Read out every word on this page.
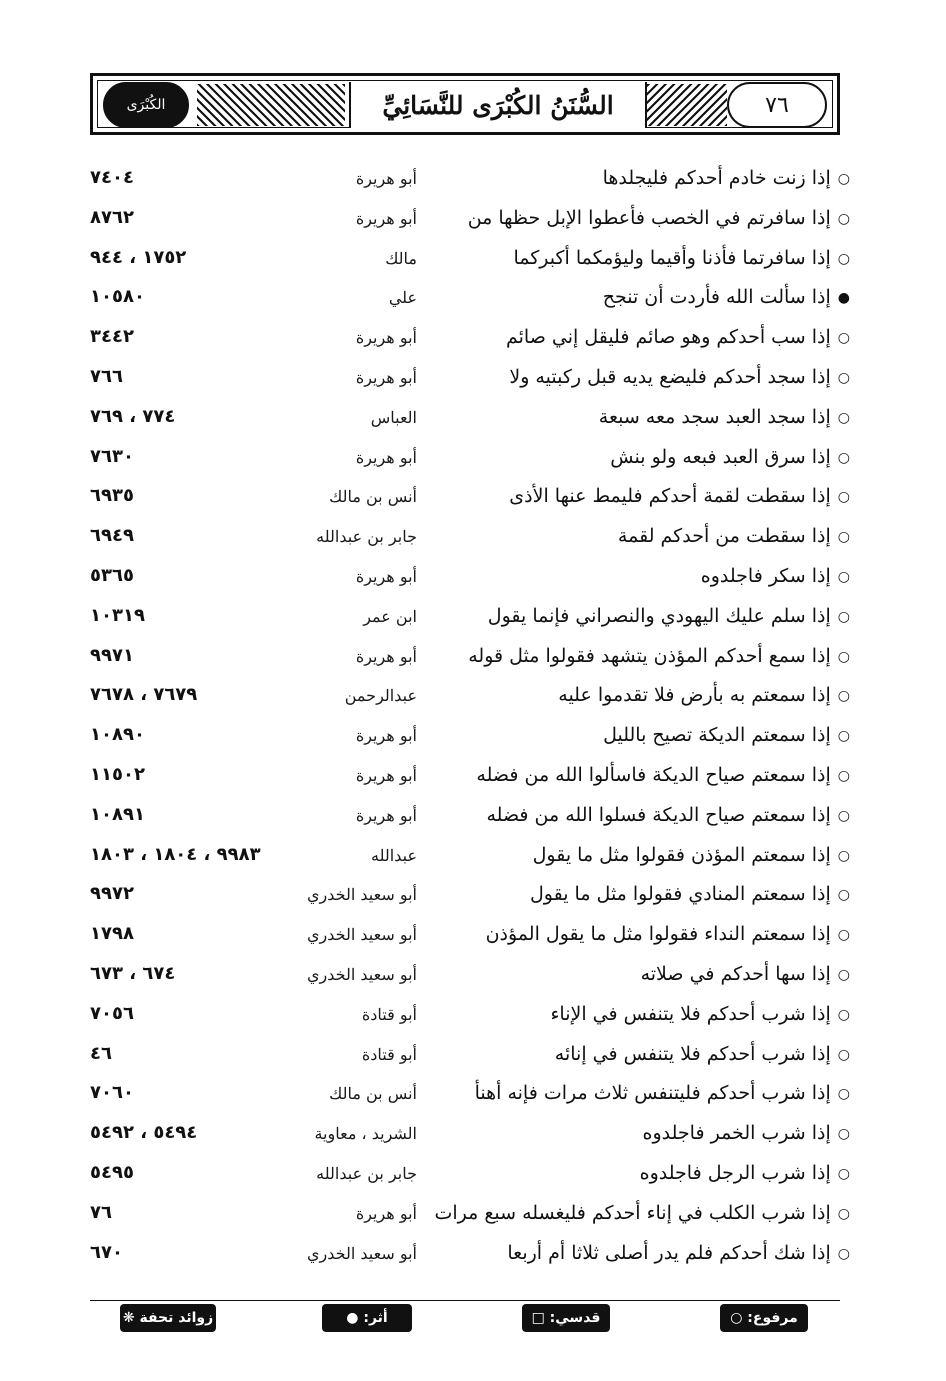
الكُبْرَى	السُّنَنُ الكُبْرَى للنَّسَائِيِّ	٧٦
○إذا زنت خادم أحدكم فليجلدها
أبو هريرة
٧٤٠٤
○إذا سافرتم في الخصب فأعطوا الإبل حظها من
أبو هريرة
٨٧٦٢
○إذا سافرتما فأذنا وأقيما وليؤمكما أكبركما
مالك
١٧٥٢ ، ٩٤٤
●إذا سألت الله فأردت أن تنجح
علي
١٠٥٨٠
○إذا سب أحدكم وهو صائم فليقل إني صائم
أبو هريرة
٣٤٤٢
○إذا سجد أحدكم فليضع يديه قبل ركبتيه ولا
أبو هريرة
٧٦٦
○إذا سجد العبد سجد معه سبعة
العباس
٧٧٤ ، ٧٦٩
○إذا سرق العبد فبعه ولو بنش
أبو هريرة
٧٦٣٠
○إذا سقطت لقمة أحدكم فليمط عنها الأذى
أنس بن مالك
٦٩٣٥
○إذا سقطت من أحدكم لقمة
جابر بن عبدالله
٦٩٤٩
○إذا سكر فاجلدوه
أبو هريرة
٥٣٦٥
○إذا سلم عليك اليهودي والنصراني فإنما يقول
ابن عمر
١٠٣١٩
○إذا سمع أحدكم المؤذن يتشهد فقولوا مثل قوله
أبو هريرة
٩٩٧١
○إذا سمعتم به بأرض فلا تقدموا عليه
عبدالرحمن
٧٦٧٩ ، ٧٦٧٨
○إذا سمعتم الديكة تصيح بالليل
أبو هريرة
١٠٨٩٠
○إذا سمعتم صياح الديكة فاسألوا الله من فضله
أبو هريرة
١١٥٠٢
○إذا سمعتم صياح الديكة فسلوا الله من فضله
أبو هريرة
١٠٨٩١
○إذا سمعتم المؤذن فقولوا مثل ما يقول
عبدالله
٩٩٨٣ ، ١٨٠٤ ، ١٨٠٣
○إذا سمعتم المنادي فقولوا مثل ما يقول
أبو سعيد الخدري
٩٩٧٢
○إذا سمعتم النداء فقولوا مثل ما يقول المؤذن
أبو سعيد الخدري
١٧٩٨
○إذا سها أحدكم في صلاته
أبو سعيد الخدري
٦٧٤ ، ٦٧٣
○إذا شرب أحدكم فلا يتنفس في الإناء
أبو قتادة
٧٠٥٦
○إذا شرب أحدكم فلا يتنفس في إنائه
أبو قتادة
٤٦
○إذا شرب أحدكم فليتنفس ثلاث مرات فإنه أهنأ
أنس بن مالك
٧٠٦٠
○إذا شرب الخمر فاجلدوه
الشريد ، معاوية
٥٤٩٤ ، ٥٤٩٢
○إذا شرب الرجل فاجلدوه
جابر بن عبدالله
٥٤٩٥
○إذا شرب الكلب في إناء أحدكم فليغسله سبع مرات
أبو هريرة
٧٦
○إذا شك أحدكم فلم يدر أصلى ثلاثا أم أربعا
أبو سعيد الخدري
٦٧٠
مرفوع: ○
قدسي: □
أثر: ●
زوائد تحفة ❋
